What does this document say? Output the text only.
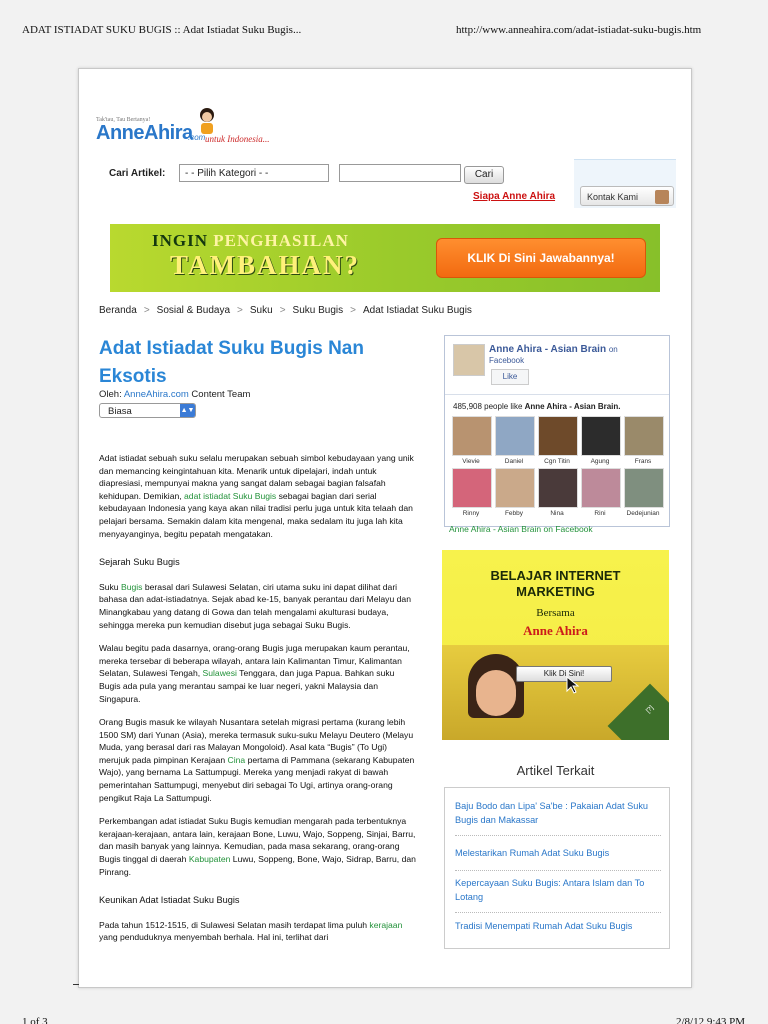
ADAT ISTIADAT SUKU BUGIS :: Adat Istiadat Suku Bugis...	http://www.anneahira.com/adat-istiadat-suku-bugis.htm
Tak'tau, Tau Bertanya!
AnneAhira
.com untuk Indonesia...
Cari Artikel:	- - Pilih Kategori - -	Cari
Siapa Anne Ahira	Kontak Kami
INGIN PENGHASILAN
TAMBAHAN?	KLIK Di Sini Jawabannya!
Beranda > Sosial & Budaya > Suku > Suku Bugis > Adat Istiadat Suku Bugis
Adat Istiadat Suku Bugis Nan Eksotis
Oleh: AnneAhira.com Content Team
Biasa	▲▼

Adat istiadat sebuah suku selalu merupakan sebuah simbol kebudayaan yang unik dan memancing keingintahuan kita. Menarik untuk dipelajari, indah untuk diapresiasi, mempunyai makna yang sangat dalam sebagai bagian falsafah kehidupan. Demikian, adat istiadat Suku Bugis sebagai bagian dari serial kebudayaan Indonesia yang kaya akan nilai tradisi perlu juga untuk kita telaah dan pelajari bersama. Semakin dalam kita mengenal, maka sedalam itu juga lah kita menyayanginya, begitu pepatah mengatakan.

Sejarah Suku Bugis

Suku Bugis berasal dari Sulawesi Selatan, ciri utama suku ini dapat dilihat dari bahasa dan adat-istiadatnya. Sejak abad ke-15, banyak perantau dari Melayu dan Minangkabau yang datang di Gowa dan telah mengalami akulturasi budaya, sehingga mereka pun kemudian disebut juga sebagai Suku Bugis.

Walau begitu pada dasarnya, orang-orang Bugis juga merupakan kaum perantau, mereka tersebar di beberapa wilayah, antara lain Kalimantan Timur, Kalimantan Selatan, Sulawesi Tengah, Sulawesi Tenggara, dan juga Papua. Bahkan suku Bugis ada pula yang merantau sampai ke luar negeri, yakni Malaysia dan Singapura.

Orang Bugis masuk ke wilayah Nusantara setelah migrasi pertama (kurang lebih 1500 SM) dari Yunan (Asia), mereka termasuk suku-suku Melayu Deutero (Melayu Muda, yang berasal dari ras Malayan Mongoloid). Asal kata “Bugis” (To Ugi) merujuk pada pimpinan Kerajaan Cina pertama di Pammana (sekarang Kabupaten Wajo), yang bernama La Sattumpugi. Mereka yang menjadi rakyat di bawah pemerintahan Sattumpugi, menyebut diri sebagai To Ugi, artinya orang-orang pengikut Raja La Sattumpugi.

Perkembangan adat istiadat Suku Bugis kemudian mengarah pada terbentuknya kerajaan-kerajaan, antara lain, kerajaan Bone, Luwu, Wajo, Soppeng, Sinjai, Barru, dan masih banyak yang lainnya. Kemudian, pada masa sekarang, orang-orang Bugis tinggal di daerah Kabupaten Luwu, Soppeng, Bone, Wajo, Sidrap, Barru, dan Pinrang.

Keunikan Adat Istiadat Suku Bugis

Pada tahun 1512-1515, di Sulawesi Selatan masih terdapat lima puluh kerajaan yang penduduknya menyembah berhala. Hal ini, terlihat dari

Anne Ahira - Asian Brain on
Facebook
Like
485,908 people like Anne Ahira - Asian Brain.
Vievie	Daniel	Cgn Titin	Agung	Frans
Rinny	Febby	Nina	Rini	Dedejunian
Anne Ahira - Asian Brain on Facebook
BELAJAR INTERNET
MARKETING
Bersama
Anne Ahira
Klik Di Sini!
[?]
Artikel Terkait
Baju Bodo dan Lipa' Sa'be : Pakaian Adat Suku Bugis dan Makassar
Melestarikan Rumah Adat Suku Bugis
Kepercayaan Suku Bugis: Antara Islam dan To Lotang
Tradisi Menempati Rumah Adat Suku Bugis
1 of 3	2/8/12 9:43 PM
